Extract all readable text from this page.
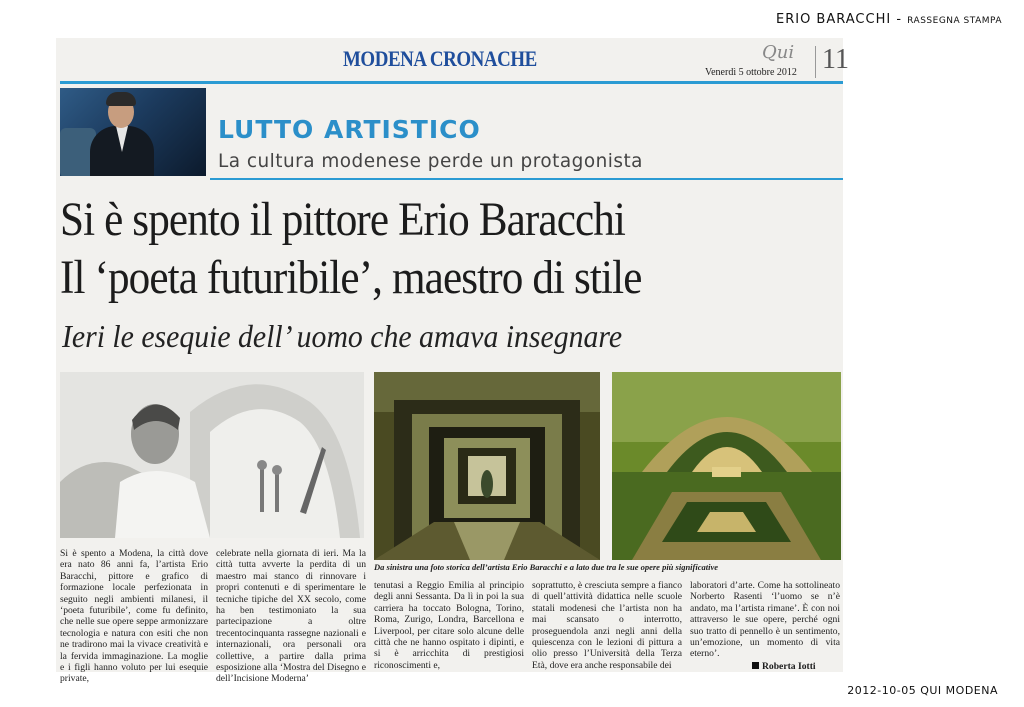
ERIO BARACCHI - RASSEGNA STAMPA
MODENA CRONACHE	Qui 11
Venerdì 5 ottobre 2012
LUTTO ARTISTICO
La cultura modenese perde un protagonista
Si è spento il pittore Erio Baracchi
Il ‘poeta futuribile’, maestro di stile
Ieri le esequie dell’ uomo che amava insegnare
Da sinistra una foto storica dell’artista Erio Baracchi e a lato due tra le sue opere più significative
Si è spento a Modena, la città dove era nato 86 anni fa, l’artista Erio Baracchi, pittore e grafico di formazione locale perfezionata in seguito negli ambienti milanesi, il ‘poeta futuribile’, come fu definito, che nelle sue opere seppe armonizzare tecnologia e natura con esiti che non ne tradirono mai la vivace creatività e la fervida immaginazione. La moglie e i figli hanno voluto per lui esequie private,
celebrate nella giornata di ieri. Ma la città tutta avverte la perdita di un maestro mai stanco di rinnovare i propri contenuti e di sperimentare le tecniche tipiche del XX secolo, come ha ben testimoniato la sua partecipazione a oltre trecentocinquanta rassegne nazionali e internazionali, ora personali ora collettive, a partire dalla prima esposizione alla ‘Mostra del Disegno e dell’Incisione Moderna’
tenutasi a Reggio Emilia al principio degli anni Sessanta. Da lì in poi la sua carriera ha toccato Bologna, Torino, Roma, Zurigo, Londra, Barcellona e Liverpool, per citare solo alcune delle città che ne hanno ospitato i dipinti, e si è arricchita di prestigiosi riconoscimenti e,
soprattutto, è cresciuta sempre a fianco di quell’attività didattica nelle scuole statali modenesi che l’artista non ha mai scansato o interrotto, proseguendola anzi negli anni della quiescenza con le lezioni di pittura a olio presso l’Università della Terza Età, dove era anche responsabile dei
laboratori d’arte. Come ha sottolineato Norberto Rasenti ‘l’uomo se n’è andato, ma l’artista rimane’. È con noi attraverso le sue opere, perché ogni suo tratto di pennello è un sentimento, un’emozione, un momento di vita eterno’.
Roberta Iotti
2012-10-05 QUI MODENA
